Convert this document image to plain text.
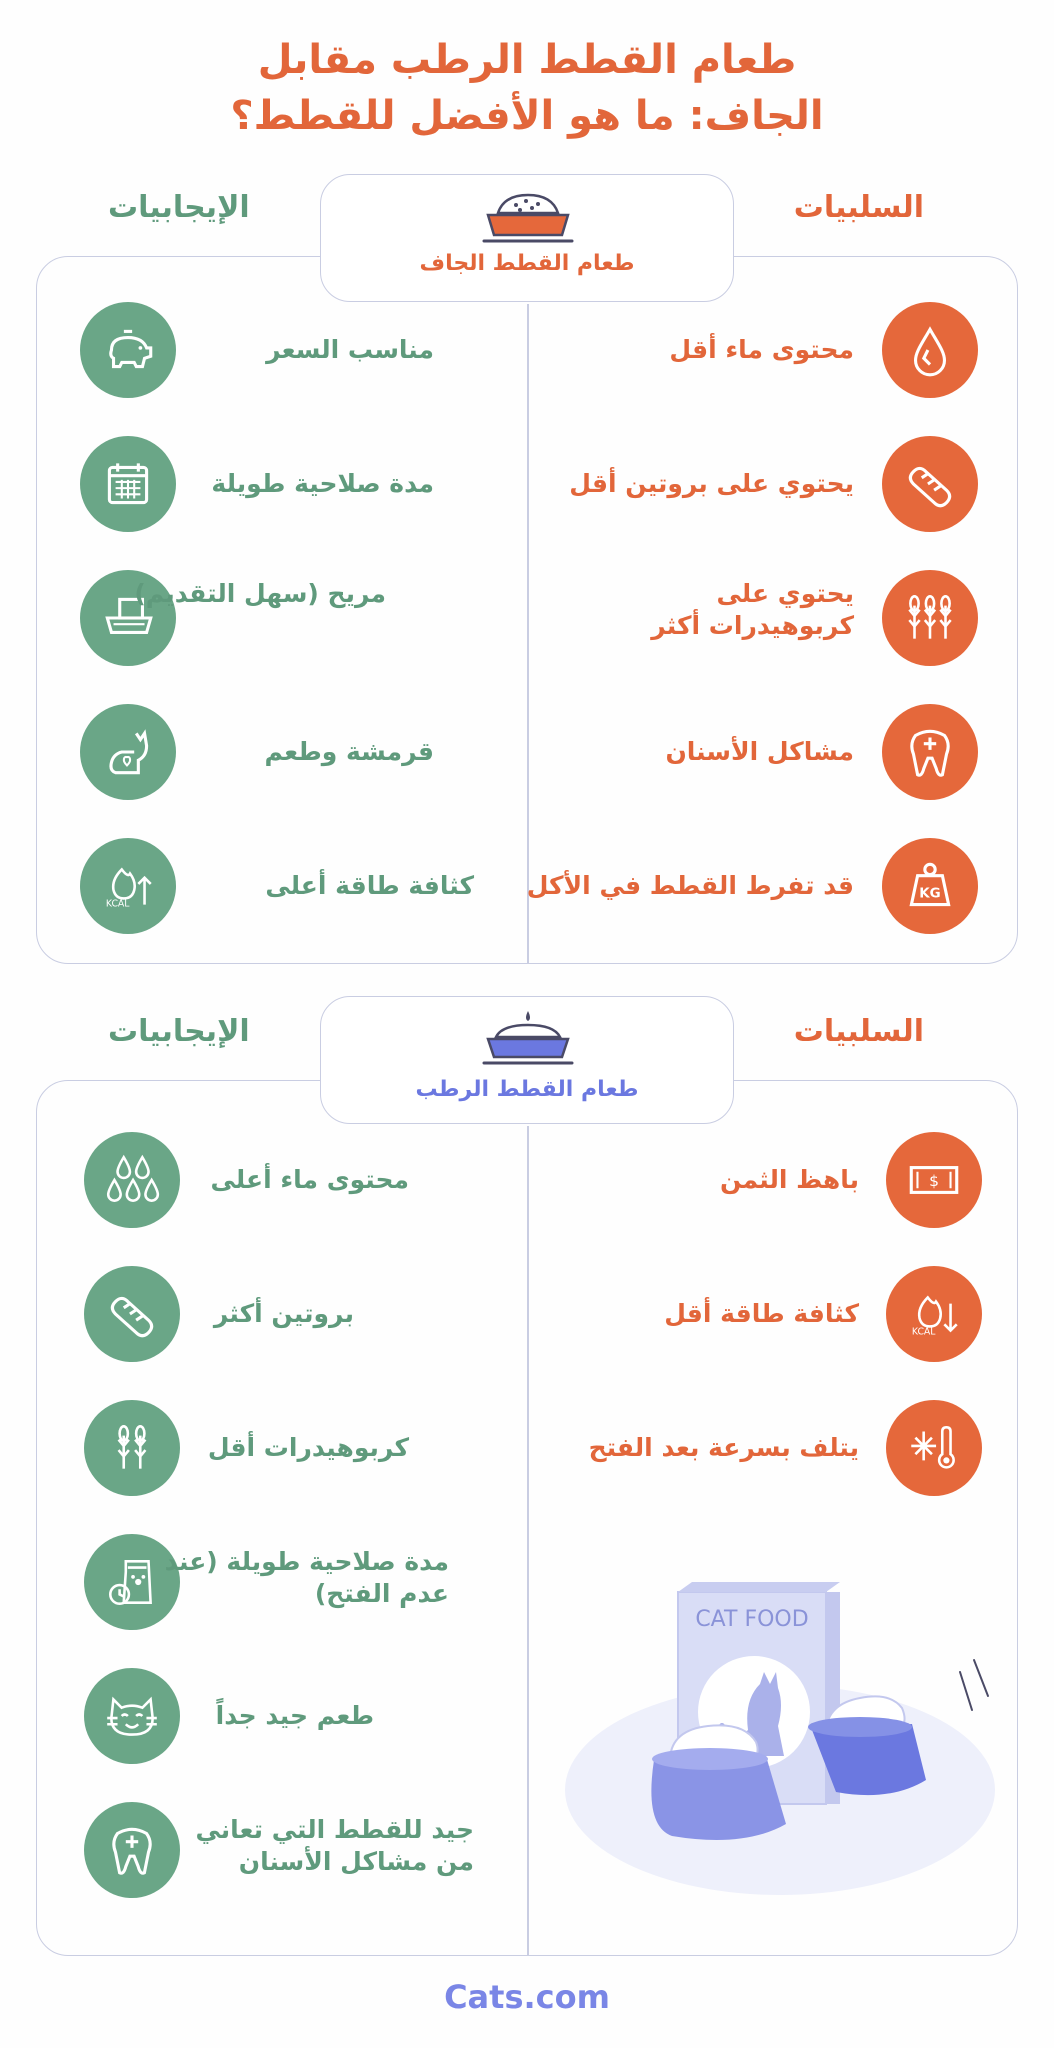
طعام القطط الرطب مقابل
الجاف: ما هو الأفضل للقطط؟
طعام القطط الجاف
السلبيات
الإيجابيات
محتوى ماء أقل
يحتوي على بروتين أقل
يحتوي على كربوهيدرات أكثر
مشاكل الأسنان
KG
قد تفرط القطط في الأكل
مناسب السعر
مدة صلاحية طويلة
مريح (سهل التقديم)
قرمشة وطعم
KCAL
كثافة طاقة أعلى
طعام القطط الرطب
السلبيات
الإيجابيات
$
باهظ الثمن
KCAL
كثافة طاقة أقل
يتلف بسرعة بعد الفتح
محتوى ماء أعلى
بروتين أكثر
كربوهيدرات أقل
مدة صلاحية طويلة (عند عدم الفتح)
طعم جيد جداً
جيد للقطط التي تعاني من مشاكل الأسنان
CAT FOOD
Cats.com
